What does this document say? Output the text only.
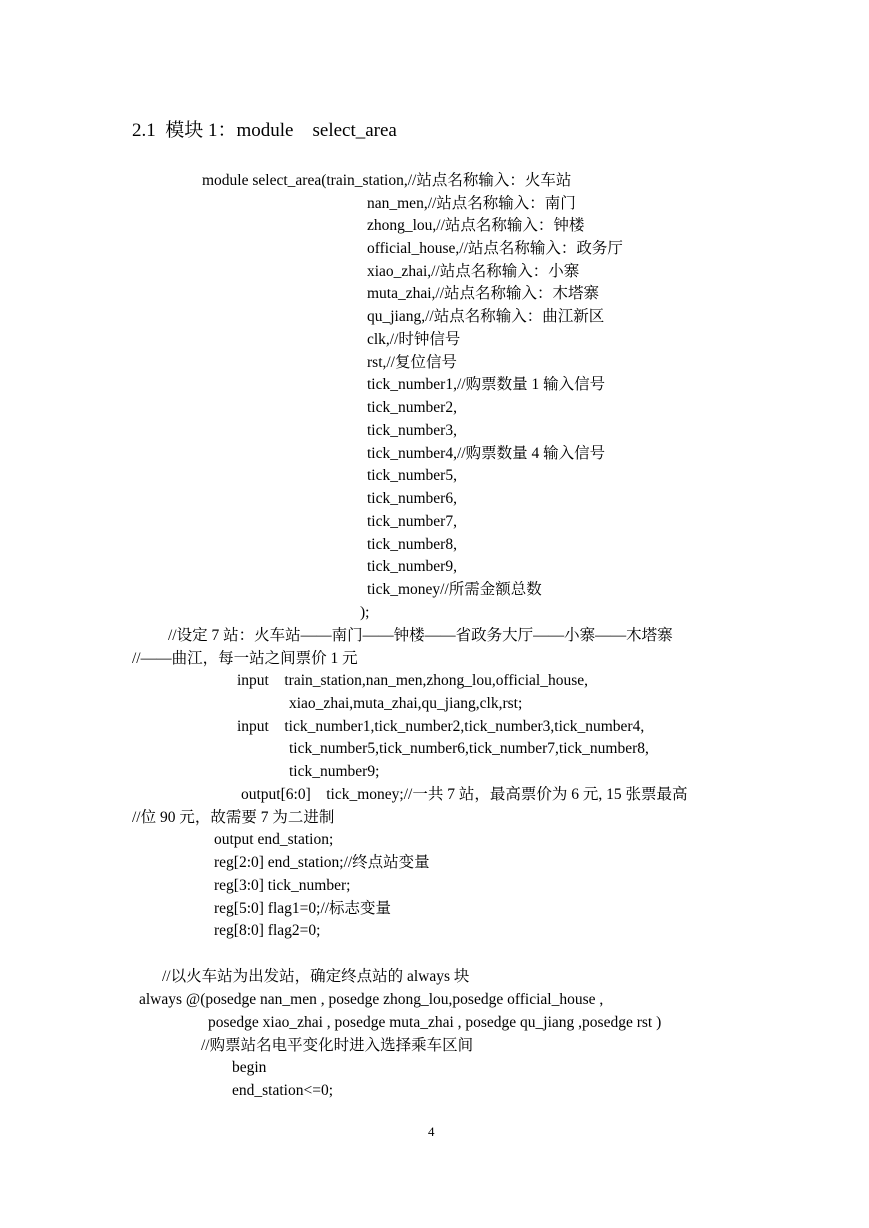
2.1  模块 1：module    select_area
module select_area(train_station,//站点名称输入：火车站
nan_men,//站点名称输入：南门
zhong_lou,//站点名称输入：钟楼
official_house,//站点名称输入：政务厅
xiao_zhai,//站点名称输入：小寨
muta_zhai,//站点名称输入：木塔寨
qu_jiang,//站点名称输入：曲江新区
clk,//时钟信号
rst,//复位信号
tick_number1,//购票数量 1 输入信号
tick_number2,
tick_number3,
tick_number4,//购票数量 4 输入信号
tick_number5,
tick_number6,
tick_number7,
tick_number8,
tick_number9,
tick_money//所需金额总数
);
//设定 7 站：火车站——南门——钟楼——省政务大厅——小寨——木塔寨
//——曲江，每一站之间票价 1 元
input    train_station,nan_men,zhong_lou,official_house,
xiao_zhai,muta_zhai,qu_jiang,clk,rst;
input    tick_number1,tick_number2,tick_number3,tick_number4,
tick_number5,tick_number6,tick_number7,tick_number8,
tick_number9;
output[6:0]    tick_money;//一共 7 站，最高票价为 6 元, 15 张票最高
//位 90 元，故需要 7 为二进制
output end_station;
reg[2:0] end_station;//终点站变量
reg[3:0] tick_number;
reg[5:0] flag1=0;//标志变量
reg[8:0] flag2=0;
//以火车站为出发站，确定终点站的 always 块
always @(posedge nan_men , posedge zhong_lou,posedge official_house ,
posedge xiao_zhai , posedge muta_zhai , posedge qu_jiang ,posedge rst )
//购票站名电平变化时进入选择乘车区间
begin
end_station<=0;
4
